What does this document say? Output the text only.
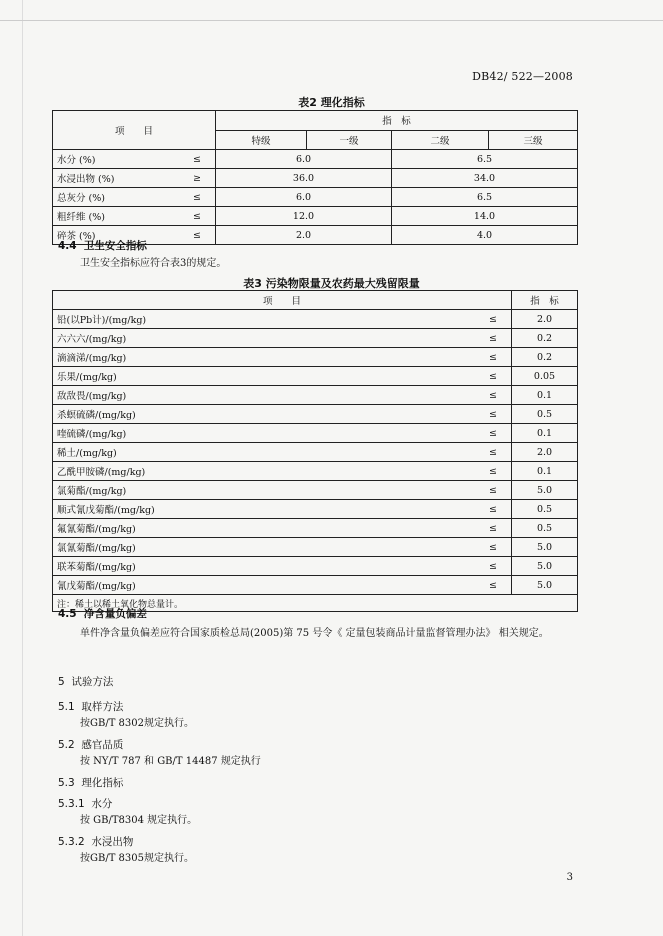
DB42/ 522—2008
表2 理化指标
项　　目		指　标			
		特级	一级	二级	三级
水分 (%)	≤	6.0		6.5	
水浸出物 (%)	≥	36.0		34.0	
总灰分 (%)	≤	6.0		6.5	
粗纤维 (%)	≤	12.0		14.0	
碎茶 (%)	≤	2.0		4.0	
4.4 卫生安全指标
卫生安全指标应符合表3的规定。
表3 污染物限量及农药最大残留限量
项　　目		指　标
铅(以Pb计)/(mg/kg)	≤	2.0
六六六/(mg/kg)	≤	0.2
滴滴涕/(mg/kg)	≤	0.2
乐果/(mg/kg)	≤	0.05
敌敌畏/(mg/kg)	≤	0.1
杀螟硫磷/(mg/kg)	≤	0.5
喹硫磷/(mg/kg)	≤	0.1
稀土/(mg/kg)	≤	2.0
乙酰甲胺磷/(mg/kg)	≤	0.1
氯菊酯/(mg/kg)	≤	5.0
顺式氰戊菊酯/(mg/kg)	≤	0.5
氟氰菊酯/(mg/kg)	≤	0.5
氯氰菊酯/(mg/kg)	≤	5.0
联苯菊酯/(mg/kg)	≤	5.0
氰戊菊酯/(mg/kg)	≤	5.0
注：稀土以稀土氧化物总量计。		
4.5 净含量负偏差
单件净含量负偏差应符合国家质检总局(2005)第 75 号令《 定量包装商品计量监督管理办法》 相关规定。
5 试验方法
5.1 取样方法
按GB/T 8302规定执行。
5.2 感官品质
按 NY/T 787 和 GB/T 14487 规定执行
5.3 理化指标
5.3.1 水分
按 GB/T8304 规定执行。
5.3.2 水浸出物
按GB/T 8305规定执行。
3
